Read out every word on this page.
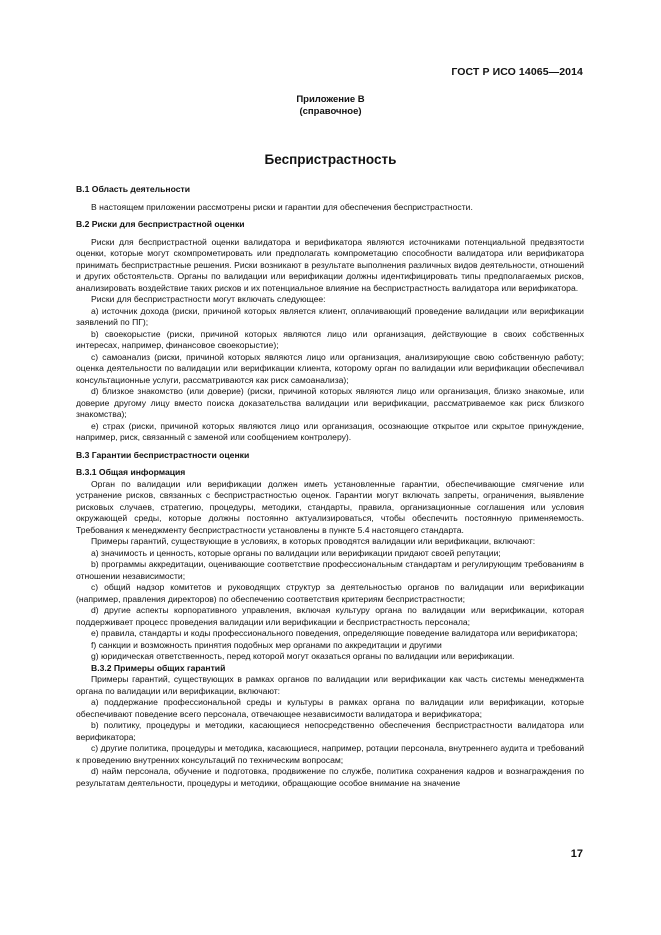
ГОСТ Р ИСО 14065—2014
Приложение В
(справочное)
Беспристрастность

В.1 Область деятельности

В настоящем приложении рассмотрены риски и гарантии для обеспечения беспристрастности.

В.2 Риски для беспристрастной оценки

Риски для беспристрастной оценки валидатора и верификатора являются источниками потенциальной предвзятости оценки, которые могут скомпрометировать или предполагать компрометацию способности валидатора или верификатора принимать беспристрастные решения. Риски возникают в результате выполнения различных видов деятельности, отношений и других обстоятельств. Органы по валидации или верификации должны идентифицировать типы предполагаемых рисков, анализировать воздействие таких рисков и их потенциальное влияние на беспристрастность валидатора или верификатора.

Риски для беспристрастности могут включать следующее:

a) источник дохода (риски, причиной которых является клиент, оплачивающий проведение валидации или верификации заявлений по ПГ);

b) своекорыстие (риски, причиной которых являются лицо или организация, действующие в своих собственных интересах, например, финансовое своекорыстие);

c) самоанализ (риски, причиной которых являются лицо или организация, анализирующие свою собственную работу; оценка деятельности по валидации или верификации клиента, которому орган по валидации или верификации обеспечивал консультационные услуги, рассматриваются как риск самоанализа);

d) близкое знакомство (или доверие) (риски, причиной которых являются лицо или организация, близко знакомые, или доверие другому лицу вместо поиска доказательства валидации или верификации, рассматриваемое как риск близкого знакомства);

e) страх (риски, причиной которых являются лицо или организация, осознающие открытое или скрытое принуждение, например, риск, связанный с заменой или сообщением контролеру).

В.3 Гарантии беспристрастности оценки

В.3.1 Общая информация

Орган по валидации или верификации должен иметь установленные гарантии, обеспечивающие смягчение или устранение рисков, связанных с беспристрастностью оценок. Гарантии могут включать запреты, ограничения, выявление рисковых случаев, стратегию, процедуры, методики, стандарты, правила, организационные соглашения или условия окружающей среды, которые должны постоянно актуализироваться, чтобы обеспечить постоянную применяемость. Требования к менеджменту беспристрастности установлены в пункте 5.4 настоящего стандарта.

Примеры гарантий, существующие в условиях, в которых проводятся валидации или верификации, включают:

a) значимость и ценность, которые органы по валидации или верификации придают своей репутации;

b) программы аккредитации, оценивающие соответствие профессиональным стандартам и регулирующим требованиям в отношении независимости;

c) общий надзор комитетов и руководящих структур за деятельностью органов по валидации или верификации (например, правления директоров) по обеспечению соответствия критериям беспристрастности;

d) другие аспекты корпоративного управления, включая культуру органа по валидации или верификации, которая поддерживает процесс проведения валидации или верификации и беспристрастность персонала;

e) правила, стандарты и коды профессионального поведения, определяющие поведение валидатора или верификатора;

f) санкции и возможность принятия подобных мер органами по аккредитации и другими

g) юридическая ответственность, перед которой могут оказаться органы по валидации или верификации.

В.3.2 Примеры общих гарантий

Примеры гарантий, существующих в рамках органов по валидации или верификации как часть системы менеджмента органа по валидации или верификации, включают:

a) поддержание профессиональной среды и культуры в рамках органа по валидации или верификации, которые обеспечивают поведение всего персонала, отвечающее независимости валидатора и верификатора;

b) политику, процедуры и методики, касающиеся непосредственно обеспечения беспристрастности валидатора или верификатора;

c) другие политика, процедуры и методика, касающиеся, например, ротации персонала, внутреннего аудита и требований к проведению внутренних консультаций по техническим вопросам;

d) найм персонала, обучение и подготовка, продвижение по службе, политика сохранения кадров и вознаграждения по результатам деятельности, процедуры и методики, обращающие особое внимание на значение

17
